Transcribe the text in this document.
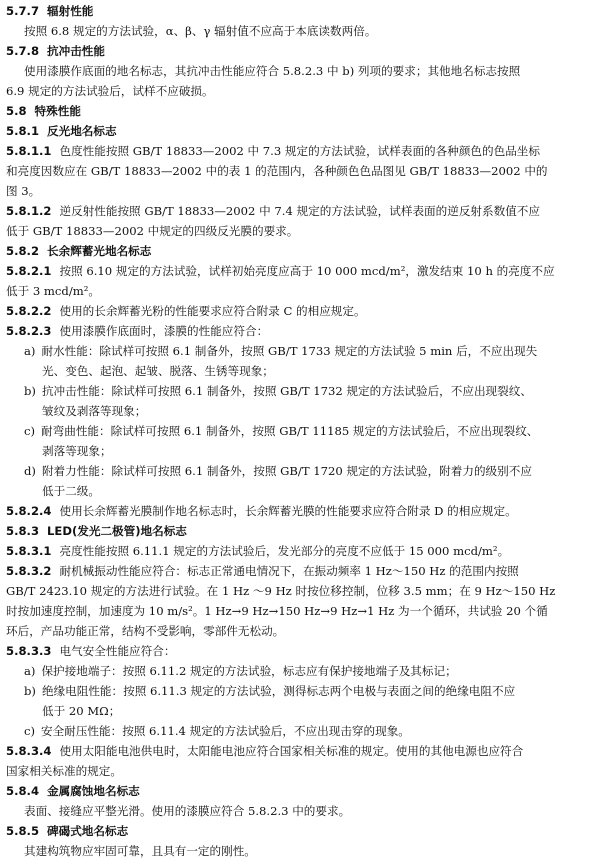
5.7.7 辐射性能
按照 6.8 规定的方法试验，α、β、γ 辐射值不应高于本底读数两倍。
5.7.8 抗冲击性能
使用漆膜作底面的地名标志，其抗冲击性能应符合 5.8.2.3 中 b) 列项的要求；其他地名标志按照
6.9 规定的方法试验后，试样不应破损。
5.8 特殊性能
5.8.1 反光地名标志
5.8.1.1 色度性能按照 GB/T 18833—2002 中 7.3 规定的方法试验，试样表面的各种颜色的色品坐标
和亮度因数应在 GB/T 18833—2002 中的表 1 的范围内，各种颜色色品图见 GB/T 18833—2002 中的
图 3。
5.8.1.2 逆反射性能按照 GB/T 18833—2002 中 7.4 规定的方法试验，试样表面的逆反射系数值不应
低于 GB/T 18833—2002 中规定的四级反光膜的要求。
5.8.2 长余辉蓄光地名标志
5.8.2.1 按照 6.10 规定的方法试验，试样初始亮度应高于 10 000 mcd/m²，激发结束 10 h 的亮度不应
低于 3 mcd/m²。
5.8.2.2 使用的长余辉蓄光粉的性能要求应符合附录 C 的相应规定。
5.8.2.3 使用漆膜作底面时，漆膜的性能应符合：
a) 耐水性能：除试样可按照 6.1 制备外，按照 GB/T 1733 规定的方法试验 5 min 后，不应出现失
光、变色、起泡、起皱、脱落、生锈等现象；
b) 抗冲击性能：除试样可按照 6.1 制备外，按照 GB/T 1732 规定的方法试验后，不应出现裂纹、
皱纹及剥落等现象；
c) 耐弯曲性能：除试样可按照 6.1 制备外，按照 GB/T 11185 规定的方法试验后，不应出现裂纹、
剥落等现象；
d) 附着力性能：除试样可按照 6.1 制备外，按照 GB/T 1720 规定的方法试验，附着力的级别不应
低于二级。
5.8.2.4 使用长余辉蓄光膜制作地名标志时，长余辉蓄光膜的性能要求应符合附录 D 的相应规定。
5.8.3 LED(发光二极管)地名标志
5.8.3.1 亮度性能按照 6.11.1 规定的方法试验后，发光部分的亮度不应低于 15 000 mcd/m²。
5.8.3.2 耐机械振动性能应符合：标志正常通电情况下，在振动频率 1 Hz～150 Hz 的范围内按照
GB/T 2423.10 规定的方法进行试验。在 1 Hz ～9 Hz 时按位移控制，位移 3.5 mm；在 9 Hz～150 Hz
时按加速度控制，加速度为 10 m/s²。1 Hz→9 Hz→150 Hz→9 Hz→1 Hz 为一个循环，共试验 20 个循
环后，产品功能正常，结构不受影响，零部件无松动。
5.8.3.3 电气安全性能应符合：
a) 保护接地端子：按照 6.11.2 规定的方法试验，标志应有保护接地端子及其标记；
b) 绝缘电阻性能：按照 6.11.3 规定的方法试验，测得标志两个电极与表面之间的绝缘电阻不应
低于 20 MΩ；
c) 安全耐压性能：按照 6.11.4 规定的方法试验后，不应出现击穿的现象。
5.8.3.4 使用太阳能电池供电时，太阳能电池应符合国家相关标准的规定。使用的其他电源也应符合
国家相关标准的规定。
5.8.4 金属腐蚀地名标志
表面、接缝应平整光滑。使用的漆膜应符合 5.8.2.3 中的要求。
5.8.5 碑碣式地名标志
其建构筑物应牢固可靠，且具有一定的刚性。
